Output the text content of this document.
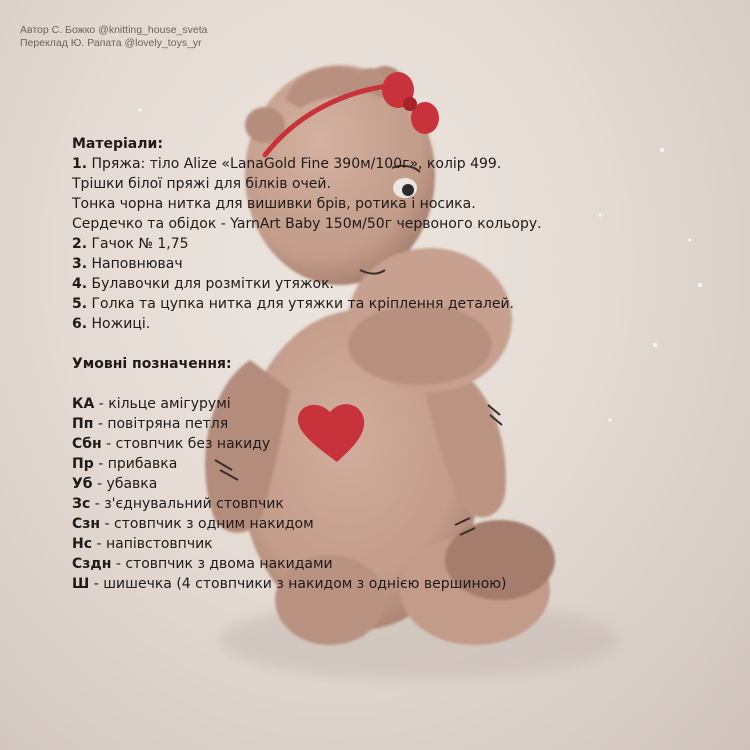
Автор С. Божко @knitting_house_sveta
Переклад Ю. Рапата @lovely_toys_yr
Матеріали:
1. Пряжа: тіло Alize «LanaGold Fine 390м/100г», колір 499.
Трішки білої пряжі для білків очей.
Тонка чорна нитка для вишивки брів, ротика і носика.
Сердечко та обідок - YarnArt Baby 150м/50г червоного кольору.
2. Гачок № 1,75
3. Наповнювач
4. Булавочки для розмітки утяжок.
5. Голка та цупка нитка для утяжки та кріплення деталей.
6. Ножиці.
Умовні позначення:
КА - кільце амігурумі
Пп - повітряна петля
Сбн - стовпчик без накиду
Пр - прибавка
Уб - убавка
Зс - з'єднувальний стовпчик
Сзн - стовпчик з одним накидом
Нс - напівстовпчик
Сздн - стовпчик з двома накидами
Ш - шишечка (4 стовпчики з накидом з однією вершиною)
